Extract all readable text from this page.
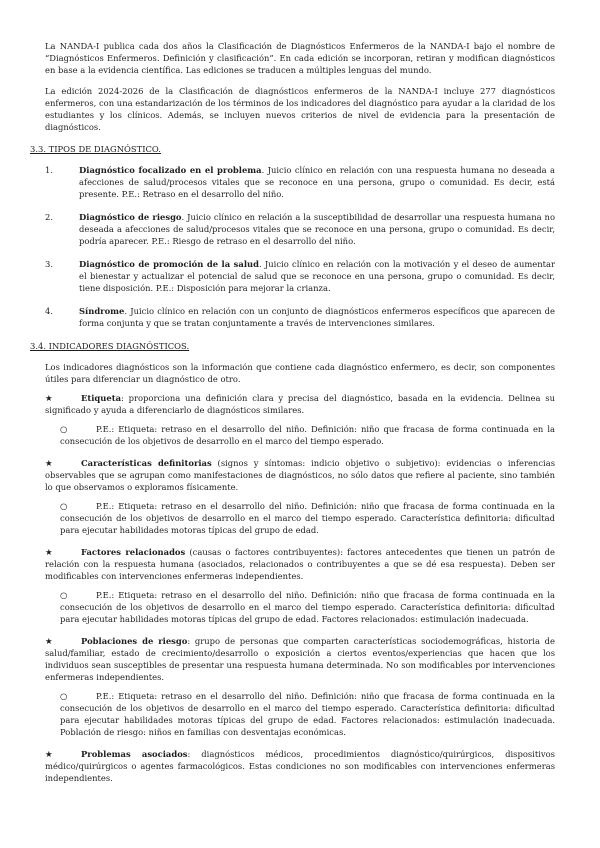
La NANDA-I publica cada dos años la Clasificación de Diagnósticos Enfermeros de la NANDA-I bajo el nombre de “Diagnósticos Enfermeros. Definición y clasificación”. En cada edición se incorporan, retiran y modifican diagnósticos en base a la evidencia científica. Las ediciones se traducen a múltiples lenguas del mundo.

La edición 2024-2026 de la Clasificación de diagnósticos enfermeros de la NANDA-I incluye 277 diagnósticos enfermeros, con una estandarización de los términos de los indicadores del diagnóstico para ayudar a la claridad de los estudiantes y los clínicos. Además, se incluyen nuevos criterios de nivel de evidencia para la presentación de diagnósticos.

3.3. TIPOS DE DIAGNÓSTICO.

1.	Diagnóstico focalizado en el problema. Juicio clínico en relación con una respuesta humana no deseada a afecciones de salud/procesos vitales que se reconoce en una persona, grupo o comunidad. Es decir, está presente. P.E.: Retraso en el desarrollo del niño.
2.	Diagnóstico de riesgo. Juicio clínico en relación a la susceptibilidad de desarrollar una respuesta humana no deseada a afecciones de salud/procesos vitales que se reconoce en una persona, grupo o comunidad. Es decir, podría aparecer. P.E.: Riesgo de retraso en el desarrollo del niño.
3.	Diagnóstico de promoción de la salud. Juicio clínico en relación con la motivación y el deseo de aumentar el bienestar y actualizar el potencial de salud que se reconoce en una persona, grupo o comunidad. Es decir, tiene disposición. P.E.: Disposición para mejorar la crianza.
4.	Síndrome. Juicio clínico en relación con un conjunto de diagnósticos enfermeros específicos que aparecen de forma conjunta y que se tratan conjuntamente a través de intervenciones similares.

3.4. INDICADORES DIAGNÓSTICOS.

Los indicadores diagnósticos son la información que contiene cada diagnóstico enfermero, es decir, son componentes útiles para diferenciar un diagnóstico de otro.

★	Etiqueta: proporciona una definición clara y precisa del diagnóstico, basada en la evidencia. Delinea su significado y ayuda a diferenciarlo de diagnósticos similares.

○	P.E.: Etiqueta: retraso en el desarrollo del niño. Definición: niño que fracasa de forma continuada en la consecución de los objetivos de desarrollo en el marco del tiempo esperado.

★	Características definitorias (signos y síntomas: indicio objetivo o subjetivo): evidencias o inferencias observables que se agrupan como manifestaciones de diagnósticos, no sólo datos que refiere al paciente, sino también lo que observamos o exploramos físicamente.

○	P.E.: Etiqueta: retraso en el desarrollo del niño. Definición: niño que fracasa de forma continuada en la consecución de los objetivos de desarrollo en el marco del tiempo esperado. Característica definitoria: dificultad para ejecutar habilidades motoras típicas del grupo de edad.

★	Factores relacionados (causas o factores contribuyentes): factores antecedentes que tienen un patrón de relación con la respuesta humana (asociados, relacionados o contribuyentes a que se dé esa respuesta). Deben ser modificables con intervenciones enfermeras independientes.

○	P.E.: Etiqueta: retraso en el desarrollo del niño. Definición: niño que fracasa de forma continuada en la consecución de los objetivos de desarrollo en el marco del tiempo esperado. Característica definitoria: dificultad para ejecutar habilidades motoras típicas del grupo de edad. Factores relacionados: estimulación inadecuada.

★	Poblaciones de riesgo: grupo de personas que comparten características sociodemográficas, historia de salud/familiar, estado de crecimiento/desarrollo o exposición a ciertos eventos/experiencias que hacen que los individuos sean susceptibles de presentar una respuesta humana determinada. No son modificables por intervenciones enfermeras independientes.

○	P.E.: Etiqueta: retraso en el desarrollo del niño. Definición: niño que fracasa de forma continuada en la consecución de los objetivos de desarrollo en el marco del tiempo esperado. Característica definitoria: dificultad para ejecutar habilidades motoras típicas del grupo de edad. Factores relacionados: estimulación inadecuada. Población de riesgo: niños en familias con desventajas económicas.

★	Problemas asociados: diagnósticos médicos, procedimientos diagnóstico/quirúrgicos, dispositivos médico/quirúrgicos o agentes farmacológicos. Estas condiciones no son modificables con intervenciones enfermeras independientes.
